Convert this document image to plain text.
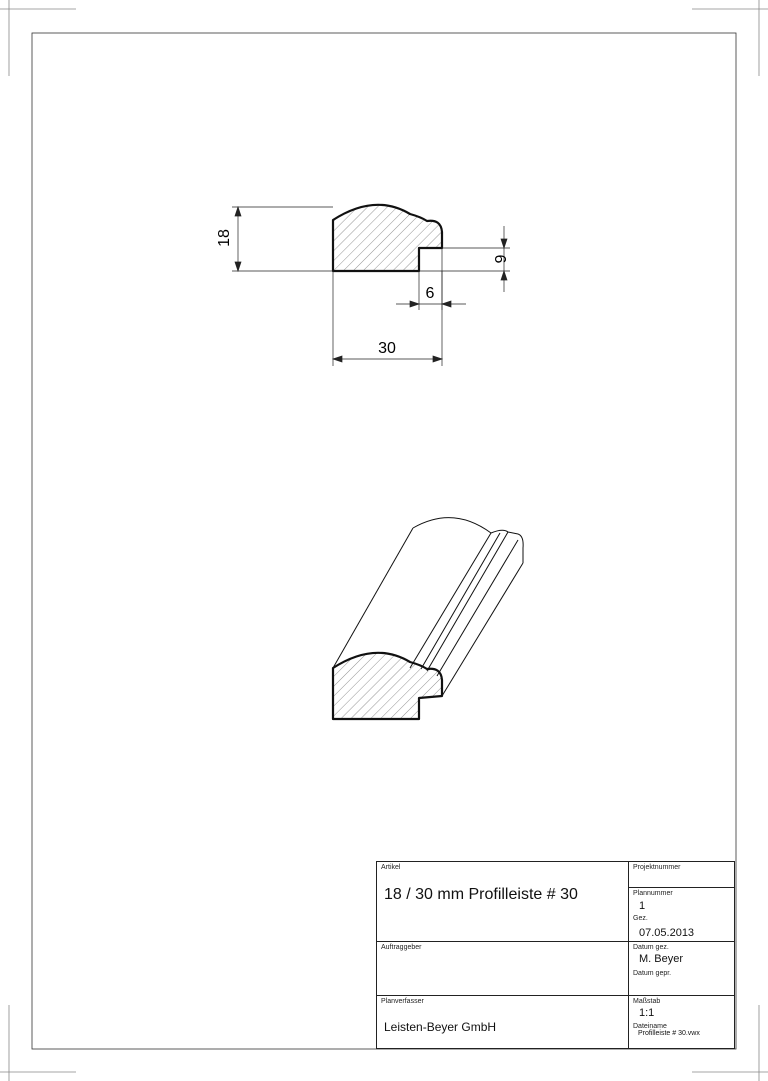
18
30
6
6
Artikel
18 / 30 mm Profilleiste # 30
Auftraggeber
Planverfasser
Leisten-Beyer GmbH
Projektnummer
Plannummer
1
Gez.
07.05.2013
Datum gez.
M. Beyer
Datum gepr.
Maßstab
1:1
Dateiname
Profilleiste # 30.vwx
